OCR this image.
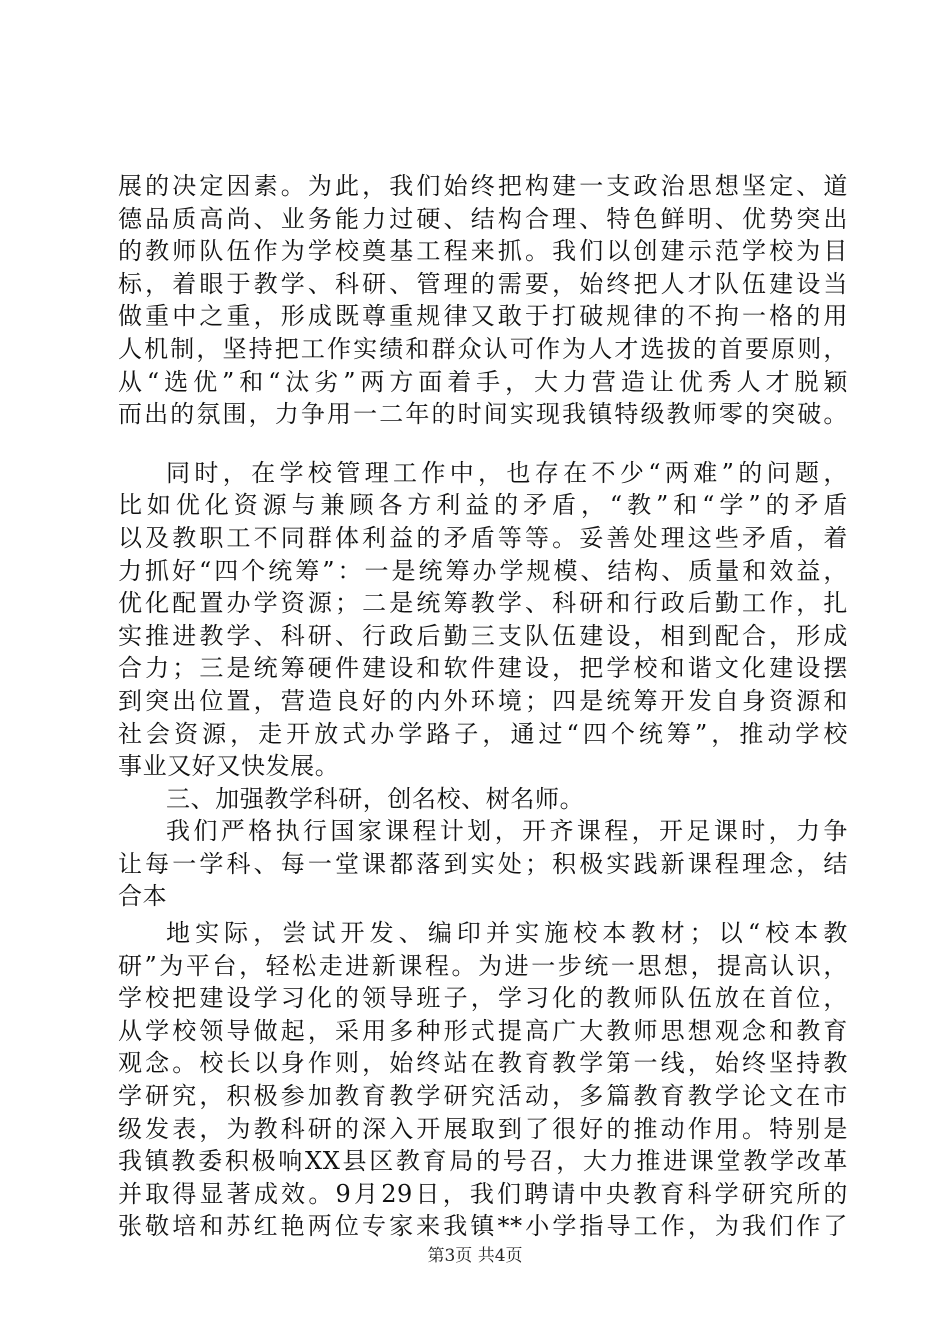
展的决定因素。为此，我们始终把构建一支政治思想坚定、道
德品质高尚、业务能力过硬、结构合理、特色鲜明、优势突出
的教师队伍作为学校奠基工程来抓。我们以创建示范学校为目
标，着眼于教学、科研、管理的需要，始终把人才队伍建设当
做重中之重，形成既尊重规律又敢于打破规律的不拘一格的用
人机制，坚持把工作实绩和群众认可作为人才选拔的首要原则，
从“选优”和“汰劣”两方面着手，大力营造让优秀人才脱颖
而出的氛围，力争用一二年的时间实现我镇特级教师零的突破。
同时，在学校管理工作中，也存在不少“两难”的问题，
比如优化资源与兼顾各方利益的矛盾，“教”和“学”的矛盾
以及教职工不同群体利益的矛盾等等。妥善处理这些矛盾，着
力抓好“四个统筹”：一是统筹办学规模、结构、质量和效益，
优化配置办学资源；二是统筹教学、科研和行政后勤工作，扎
实推进教学、科研、行政后勤三支队伍建设，相到配合，形成
合力；三是统筹硬件建设和软件建设，把学校和谐文化建设摆
到突出位置，营造良好的内外环境；四是统筹开发自身资源和
社会资源，走开放式办学路子，通过“四个统筹”，推动学校
事业又好又快发展。
三、加强教学科研，创名校、树名师。
我们严格执行国家课程计划，开齐课程，开足课时，力争
让每一学科、每一堂课都落到实处；积极实践新课程理念，结
合本
地实际，尝试开发、编印并实施校本教材；以“校本教
研”为平台，轻松走进新课程。为进一步统一思想，提高认识，
学校把建设学习化的领导班子，学习化的教师队伍放在首位，
从学校领导做起，采用多种形式提高广大教师思想观念和教育
观念。校长以身作则，始终站在教育教学第一线，始终坚持教
学研究，积极参加教育教学研究活动，多篇教育教学论文在市
级发表，为教科研的深入开展取到了很好的推动作用。特别是
我镇教委积极响XX县区教育局的号召，大力推进课堂教学改革
并取得显著成效。9月29日，我们聘请中央教育科学研究所的
张敬培和苏红艳两位专家来我镇**小学指导工作，为我们作了
第3页 共4页
